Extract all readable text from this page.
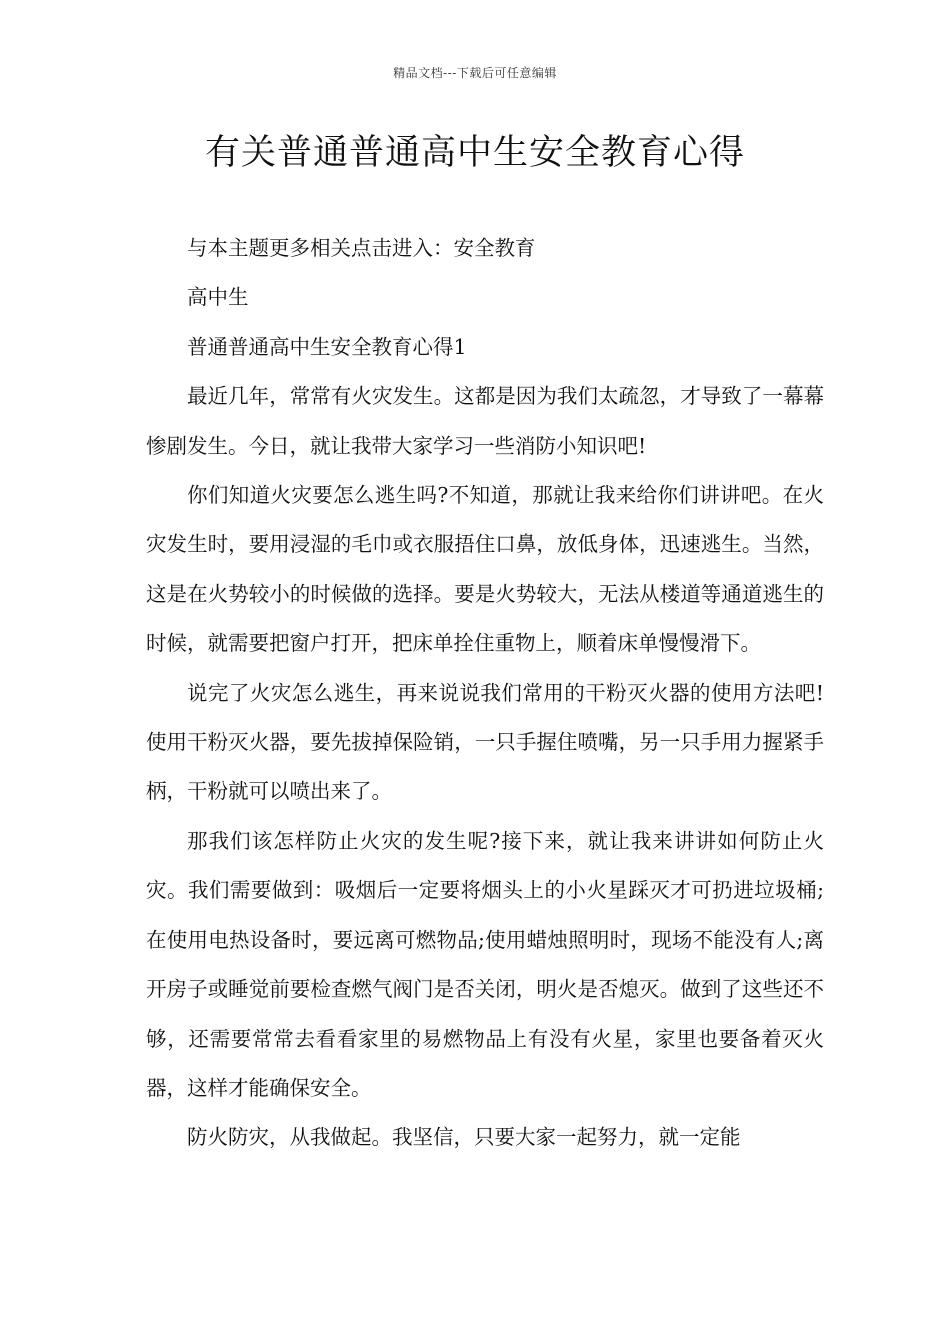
精品文档---下载后可任意编辑
有关普通普通高中生安全教育心得

与本主题更多相关点击进入：安全教育

高中生

普通普通高中生安全教育心得1

最近几年，常常有火灾发生。这都是因为我们太疏忽，才导致了一幕幕惨剧发生。今日，就让我带大家学习一些消防小知识吧!

你们知道火灾要怎么逃生吗?不知道，那就让我来给你们讲讲吧。在火灾发生时，要用浸湿的毛巾或衣服捂住口鼻，放低身体，迅速逃生。当然，这是在火势较小的时候做的选择。要是火势较大，无法从楼道等通道逃生的时候，就需要把窗户打开，把床单拴住重物上，顺着床单慢慢滑下。

说完了火灾怎么逃生，再来说说我们常用的干粉灭火器的使用方法吧!使用干粉灭火器，要先拔掉保险销，一只手握住喷嘴，另一只手用力握紧手柄，干粉就可以喷出来了。

那我们该怎样防止火灾的发生呢?接下来，就让我来讲讲如何防止火灾。我们需要做到：吸烟后一定要将烟头上的小火星踩灭才可扔进垃圾桶;在使用电热设备时，要远离可燃物品;使用蜡烛照明时，现场不能没有人;离开房子或睡觉前要检查燃气阀门是否关闭，明火是否熄灭。做到了这些还不够，还需要常常去看看家里的易燃物品上有没有火星，家里也要备着灭火器，这样才能确保安全。

防火防灾，从我做起。我坚信，只要大家一起努力，就一定能
